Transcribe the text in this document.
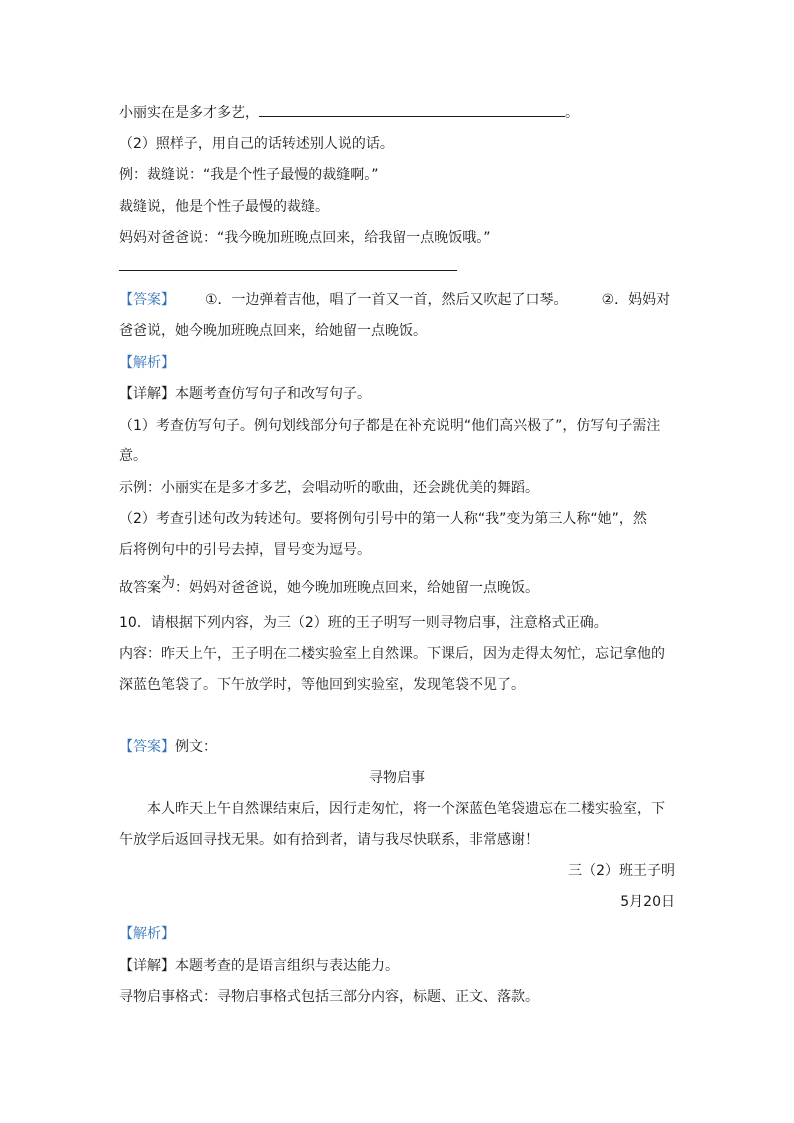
小丽实在是多才多艺，	。
（2）照样子，用自己的话转述别人说的话。
例：裁缝说：“我是个性子最慢的裁缝啊。”
裁缝说，他是个性子最慢的裁缝。
妈妈对爸爸说：“我今晚加班晚点回来，给我留一点晚饭哦。”
【答案】 ①．一边弹着吉他，唱了一首又一首，然后又吹起了口琴。 ②．妈妈对
爸爸说，她今晚加班晚点回来，给她留一点晚饭。
【解析】
【详解】本题考查仿写句子和改写句子。
（1）考查仿写句子。例句划线部分句子都是在补充说明“他们高兴极了”，仿写句子需注
意。
示例：小丽实在是多才多艺，会唱动听的歌曲，还会跳优美的舞蹈。
（2）考查引述句改为转述句。要将例句引号中的第一人称“我”变为第三人称“她”，然
后将例句中的引号去掉，冒号变为逗号。
故答案为：妈妈对爸爸说，她今晚加班晚点回来，给她留一点晚饭。
10．请根据下列内容，为三（2）班的王子明写一则寻物启事，注意格式正确。
内容：昨天上午，王子明在二楼实验室上自然课。下课后，因为走得太匆忙，忘记拿他的
深蓝色笔袋了。下午放学时，等他回到实验室，发现笔袋不见了。
【答案】例文：
寻物启事
本人昨天上午自然课结束后，因行走匆忙，将一个深蓝色笔袋遗忘在二楼实验室，下
午放学后返回寻找无果。如有拾到者，请与我尽快联系，非常感谢！
三（2）班王子明
5月20日
【解析】
【详解】本题考查的是语言组织与表达能力。
寻物启事格式：寻物启事格式包括三部分内容，标题、正文、落款。
